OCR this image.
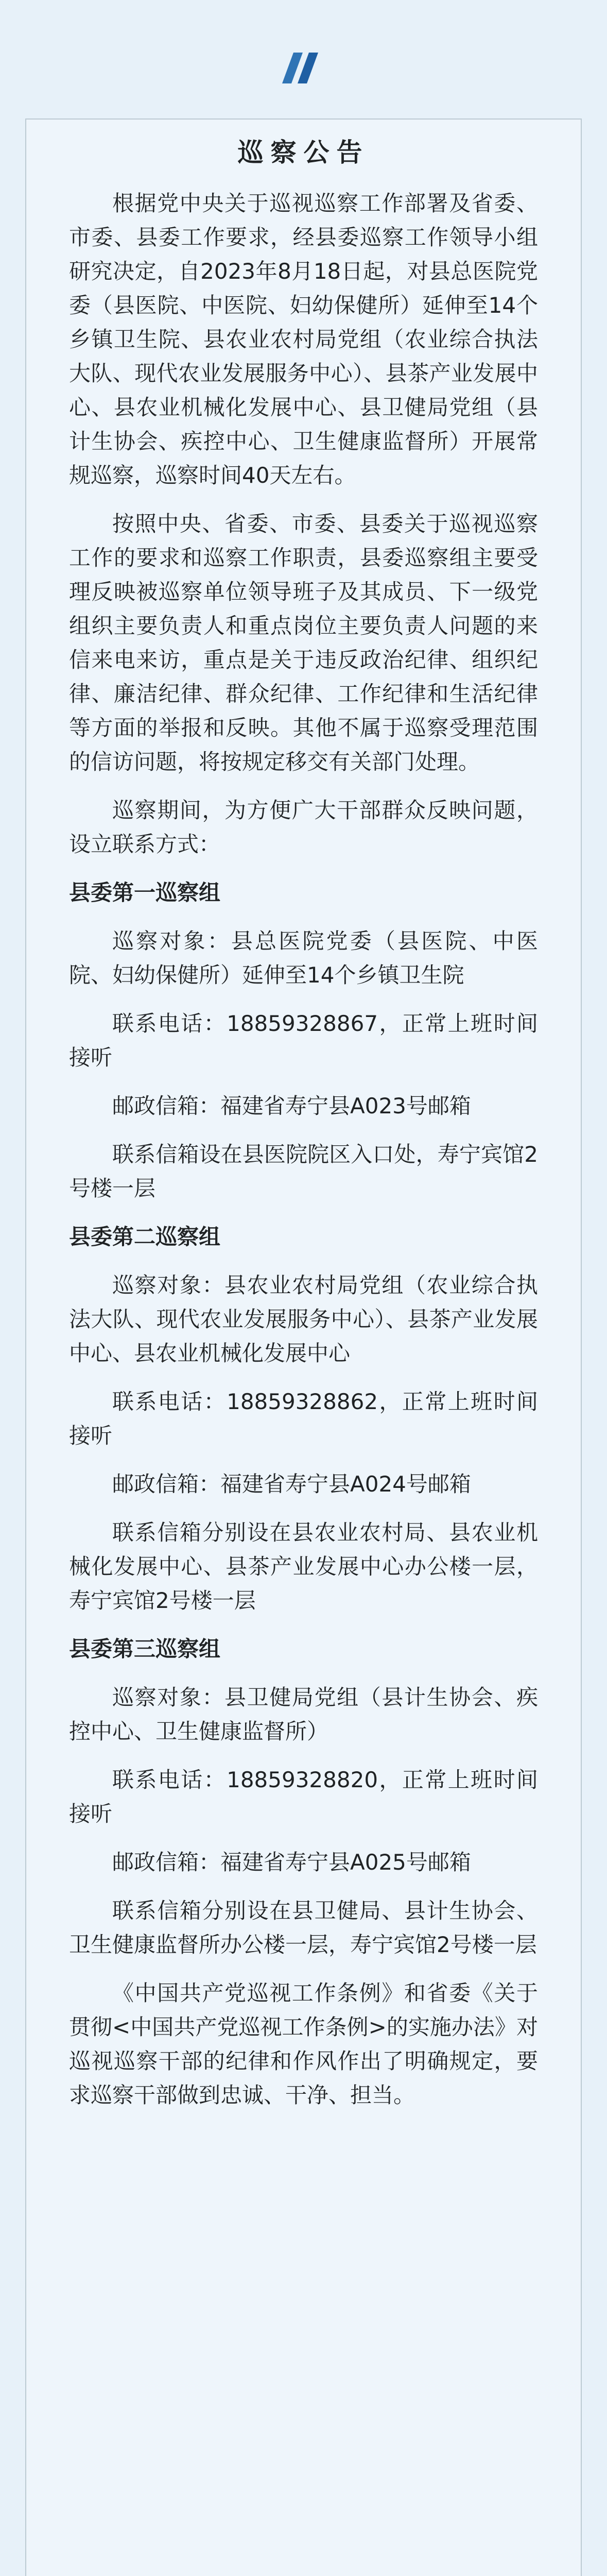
巡察公告
根据党中央关于巡视巡察工作部署及省委、市委、县委工作要求，经县委巡察工作领导小组研究决定，自2023年8月18日起，对县总医院党委（县医院、中医院、妇幼保健所）延伸至14个乡镇卫生院、县农业农村局党组（农业综合执法大队、现代农业发展服务中心）、县茶产业发展中心、县农业机械化发展中心、县卫健局党组（县计生协会、疾控中心、卫生健康监督所）开展常规巡察，巡察时间40天左右。
按照中央、省委、市委、县委关于巡视巡察工作的要求和巡察工作职责，县委巡察组主要受理反映被巡察单位领导班子及其成员、下一级党组织主要负责人和重点岗位主要负责人问题的来信来电来访，重点是关于违反政治纪律、组织纪律、廉洁纪律、群众纪律、工作纪律和生活纪律等方面的举报和反映。其他不属于巡察受理范围的信访问题，将按规定移交有关部门处理。
巡察期间，为方便广大干部群众反映问题，设立联系方式：
县委第一巡察组
巡察对象：县总医院党委（县医院、中医院、妇幼保健所）延伸至14个乡镇卫生院
联系电话：18859328867，正常上班时间接听
邮政信箱：福建省寿宁县A023号邮箱
联系信箱设在县医院院区入口处，寿宁宾馆2号楼一层
县委第二巡察组
巡察对象：县农业农村局党组（农业综合执法大队、现代农业发展服务中心）、县茶产业发展中心、县农业机械化发展中心
联系电话：18859328862，正常上班时间接听
邮政信箱：福建省寿宁县A024号邮箱
联系信箱分别设在县农业农村局、县农业机械化发展中心、县茶产业发展中心办公楼一层，寿宁宾馆2号楼一层
县委第三巡察组
巡察对象：县卫健局党组（县计生协会、疾控中心、卫生健康监督所）
联系电话：18859328820，正常上班时间接听
邮政信箱：福建省寿宁县A025号邮箱
联系信箱分别设在县卫健局、县计生协会、卫生健康监督所办公楼一层，寿宁宾馆2号楼一层
《中国共产党巡视工作条例》和省委《关于贯彻<中国共产党巡视工作条例>的实施办法》对巡视巡察干部的纪律和作风作出了明确规定，要求巡察干部做到忠诚、干净、担当。
